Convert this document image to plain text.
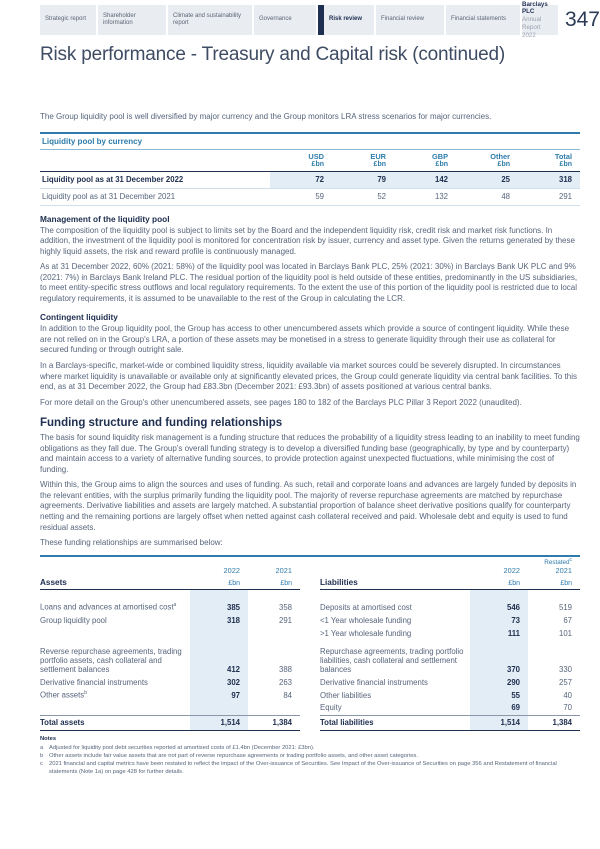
Strategic report
Shareholder information
Climate and sustainability report
Governance	Risk review	Financial review	Financial statements
Barclays PLC
Annual Report 2022
347
Risk performance - Treasury and Capital risk (continued)

The Group liquidity pool is well diversified by major currency and the Group monitors LRA stress scenarios for major currencies.

Liquidity pool by currency
	USD	EUR	GBP	Other	Total
	£bn	£bn	£bn	£bn	£bn
Liquidity pool as at 31 December 2022	72	79	142	25	318
Liquidity pool as at 31 December 2021	59	52	132	48	291
Management of the liquidity pool

The composition of the liquidity pool is subject to limits set by the Board and the independent liquidity risk, credit risk and market risk functions. In addition, the investment of the liquidity pool is monitored for concentration risk by issuer, currency and asset type. Given the returns generated by these highly liquid assets, the risk and reward profile is continuously managed.

As at 31 December 2022, 60% (2021: 58%) of the liquidity pool was located in Barclays Bank PLC, 25% (2021: 30%) in Barclays Bank UK PLC and 9% (2021: 7%) in Barclays Bank Ireland PLC. The residual portion of the liquidity pool is held outside of these entities, predominantly in the US subsidiaries, to meet entity-specific stress outflows and local regulatory requirements. To the extent the use of this portion of the liquidity pool is restricted due to local regulatory requirements, it is assumed to be unavailable to the rest of the Group in calculating the LCR.

Contingent liquidity

In addition to the Group liquidity pool, the Group has access to other unencumbered assets which provide a source of contingent liquidity. While these are not relied on in the Group's LRA, a portion of these assets may be monetised in a stress to generate liquidity through their use as collateral for secured funding or through outright sale.

In a Barclays-specific, market-wide or combined liquidity stress, liquidity available via market sources could be severely disrupted. In circumstances where market liquidity is unavailable or available only at significantly elevated prices, the Group could generate liquidity via central bank facilities. To this end, as at 31 December 2022, the Group had £83.3bn (December 2021: £93.3bn) of assets positioned at various central banks.

For more detail on the Group's other unencumbered assets, see pages 180 to 182 of the Barclays PLC Pillar 3 Report 2022 (unaudited).

Funding structure and funding relationships

The basis for sound liquidity risk management is a funding structure that reduces the probability of a liquidity stress leading to an inability to meet funding obligations as they fall due. The Group's overall funding strategy is to develop a diversified funding base (geographically, by type and by counterparty) and maintain access to a variety of alternative funding sources, to provide protection against unexpected fluctuations, while minimising the cost of funding.

Within this, the Group aims to align the sources and uses of funding. As such, retail and corporate loans and advances are largely funded by deposits in the relevant entities, with the surplus primarily funding the liquidity pool. The majority of reverse repurchase agreements are matched by repurchase agreements. Derivative liabilities and assets are largely matched. A substantial proportion of balance sheet derivative positions qualify for counterparty netting and the remaining portions are largely offset when netted against cash collateral received and paid. Wholesale debt and equity is used to fund residual assets.

These funding relationships are summarised below:

	2022	2021
Assets	£bn	£bn
Loans and advances at amortised cost$^a$	385	358
Group liquidity pool	318	291

Reverse repurchase agreements, trading portfolio assets, cash collateral and settlement balances	412	388
Derivative financial instruments	302	263
Other assets$^b$	97	84

Total assets	1,514	1,384
		Restated$^c$
	2022	2021
Liabilities	£bn	£bn
Deposits at amortised cost	546	519
<1 Year wholesale funding	73	67
>1 Year wholesale funding	111	101
Repurchase agreements, trading portfolio liabilities, cash collateral and settlement balances	370	330
Derivative financial instruments	290	257
Other liabilities	55	40
Equity	69	70
Total liabilities	1,514	1,384
Notes
a Adjusted for liquidity pool debt securities reported at amortised costs of £1.4bn (December 2021: £3bn).
b Other assets include fair value assets that are not part of reverse repurchase agreements or trading portfolio assets, and other asset categories.
c	2021 financial and capital metrics have been restated to reflect the impact of the Over-issuance of Securities. See Impact of the Over-issuance of Securities on page 356 and Restatement of financial statements (Note 1a) on page 428 for further details.
